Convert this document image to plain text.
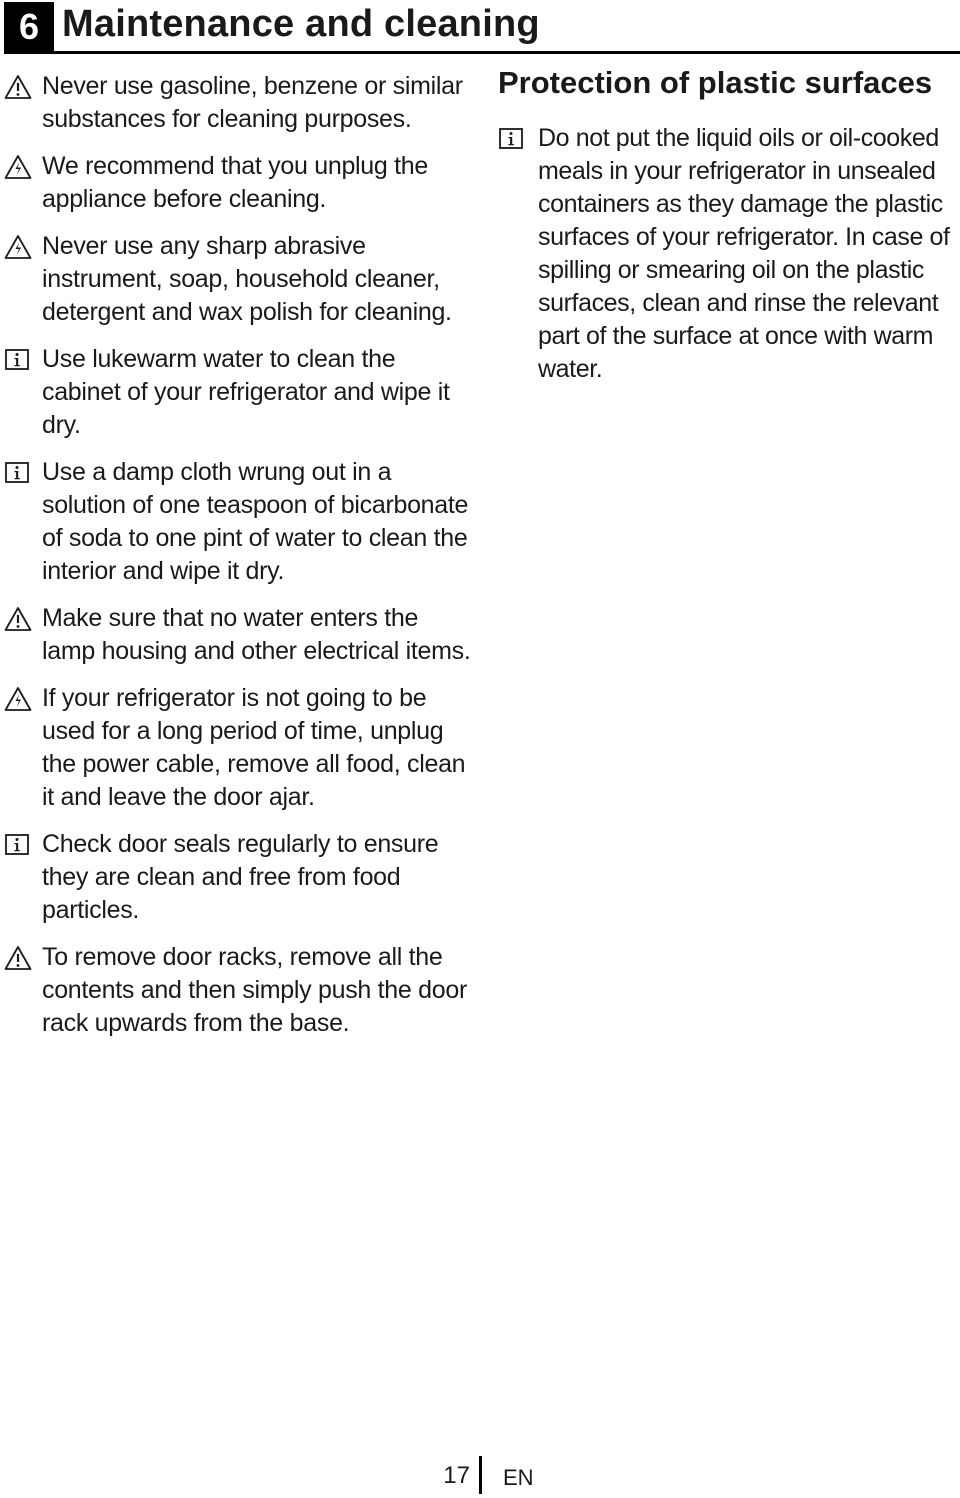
6 Maintenance and cleaning
Never use gasoline, benzene or similar substances for cleaning purposes.
We recommend that you unplug the appliance before cleaning.
Never use any sharp abrasive instrument, soap, household cleaner, detergent and wax polish for cleaning.
Use lukewarm water to clean the cabinet of your refrigerator and wipe it dry.
Use a damp cloth wrung out in a solution of one teaspoon of bicarbonate of soda to one pint of water to clean the interior and wipe it dry.
Make sure that no water enters the lamp housing and other electrical items.
If your refrigerator is not going to be used for a long period of time, unplug the power cable, remove all food, clean it and leave the door ajar.
Check door seals regularly to ensure they are clean and free from food particles.
To remove door racks, remove all the contents and then simply push the door rack upwards from the base.
Protection of plastic surfaces
Do not put the liquid oils or oil-cooked meals in your refrigerator in unsealed containers as they damage the plastic surfaces of your refrigerator. In case of spilling or smearing oil on the plastic surfaces, clean and rinse the relevant part of the surface at once with warm water.
17 EN
